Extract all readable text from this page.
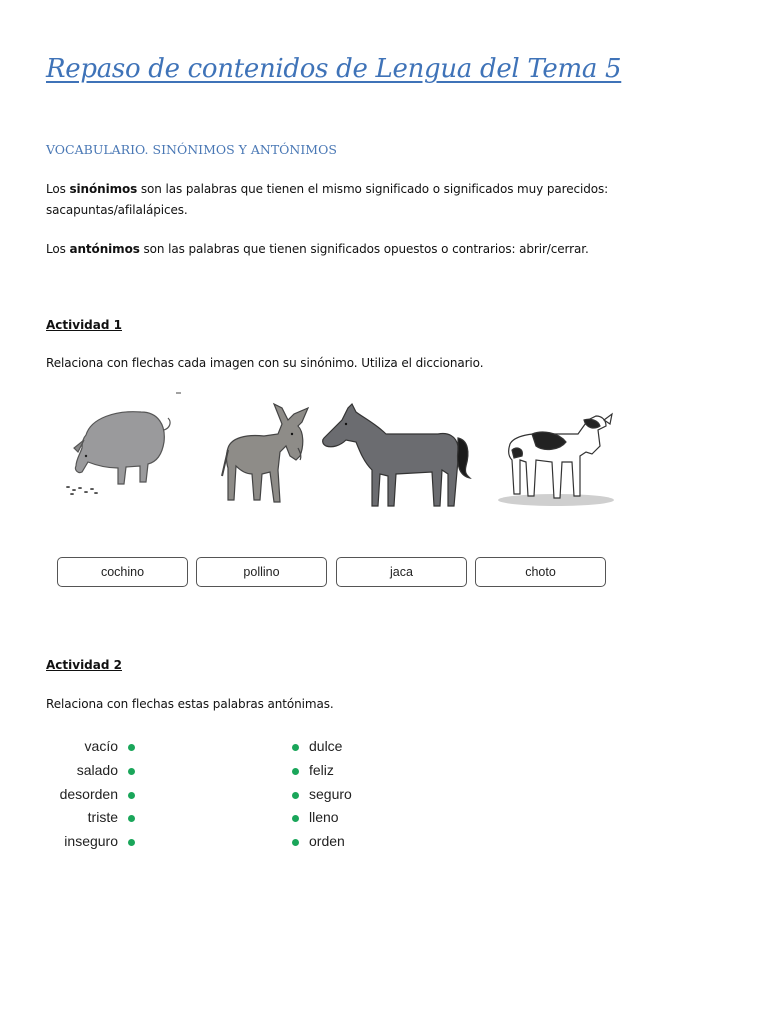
Repaso de contenidos de Lengua del Tema 5
VOCABULARIO. SINÓNIMOS Y ANTÓNIMOS
Los sinónimos son las palabras que tienen el mismo significado o significados muy parecidos: sacapuntas/afilalápices.
Los antónimos son las palabras que tienen significados opuestos o contrarios: abrir/cerrar.
Actividad 1
Relaciona con flechas cada imagen con su sinónimo. Utiliza el diccionario.
cochino	pollino	jaca	choto
Actividad 2
Relaciona con flechas estas palabras antónimas.
vacío
salado
desorden
triste
inseguro
dulce
feliz
seguro
lleno
orden
